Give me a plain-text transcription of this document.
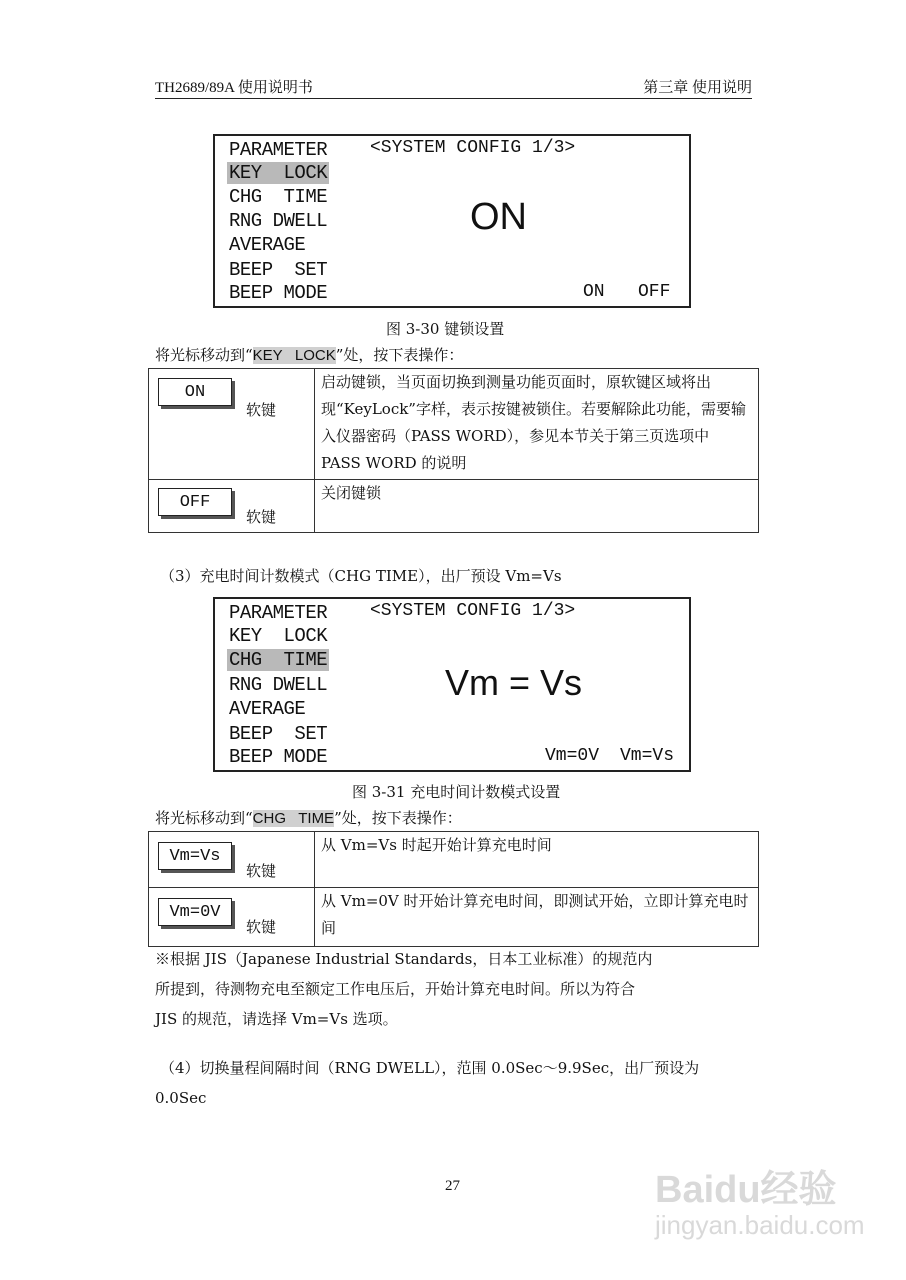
TH2689/89A 使用说明书	第三章 使用说明
PARAMETER
KEY  LOCK
CHG  TIME
RNG DWELL
AVERAGE
BEEP  SET
BEEP MODE
<SYSTEM CONFIG 1/3>
ON
ON OFF
图 3-30 键锁设置
将光标移动到“KEY   LOCK”处，按下表操作：
ON
软键	启动键锁，当页面切换到测量功能页面时，原软键区域将出现“KeyLock”字样，表示按键被锁住。若要解除此功能，需要输入仪器密码（PASS WORD），参见本节关于第三页选项中 PASS WORD 的说明

OFF
软键	关闭键锁
（3）充电时间计数模式（CHG TIME），出厂预设 Vm=Vs
PARAMETER
KEY  LOCK
CHG  TIME
RNG DWELL
AVERAGE
BEEP  SET
BEEP MODE
<SYSTEM CONFIG 1/3>
Vm = Vs
Vm=0V Vm=Vs
图 3-31 充电时间计数模式设置
将光标移动到“CHG   TIME”处，按下表操作：
Vm=Vs
软键	从 Vm=Vs 时起开始计算充电时间

Vm=0V
软键	从 Vm=0V 时开始计算充电时间，即测试开始，立即计算充电时间
※根据 JIS（Japanese Industrial Standards，日本工业标准）的规范内
所提到，待测物充电至额定工作电压后，开始计算充电时间。所以为符合
JIS 的规范，请选择 Vm=Vs 选项。
（4）切换量程间隔时间（RNG DWELL），范围 0.0Sec～9.9Sec，出厂预设为
0.0Sec
27	Baidu经验
jingyan.baidu.com
